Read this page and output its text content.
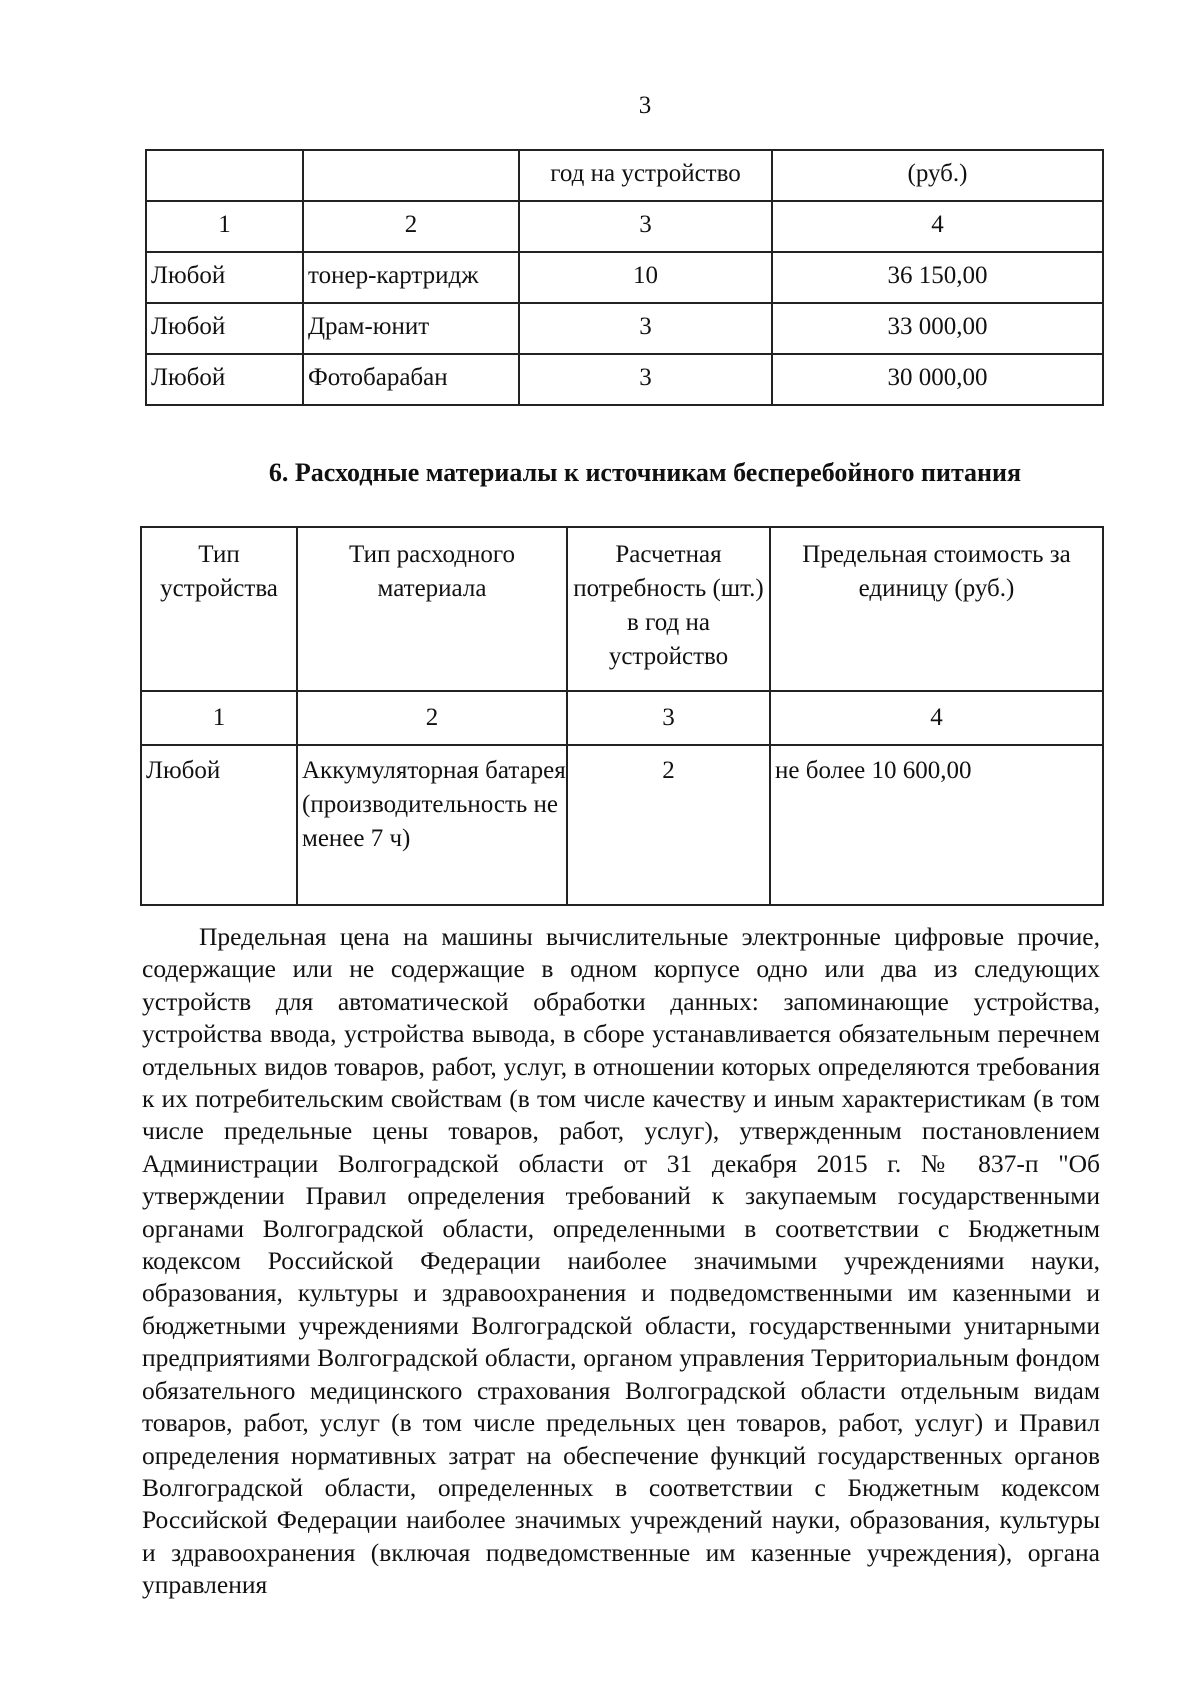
3
		год на устройство	(руб.)
1	2	3	4
Любой	тонер-картридж	10	36 150,00
Любой	Драм-юнит	3	33 000,00
Любой	Фотобарабан	3	30 000,00
6. Расходные материалы к источникам бесперебойного питания
Тип устройства	Тип расходного материала	Расчетная потребность (шт.) в год на устройство	Предельная стоимость за единицу (руб.)
1	2	3	4
Любой	Аккумуляторная батарея (производительность не менее 7 ч)	2	не более 10 600,00

Предельная цена на машины вычислительные электронные цифровые прочие, содержащие или не содержащие в одном корпусе одно или два из следующих устройств для автоматической обработки данных: запоминающие устройства, устройства ввода, устройства вывода, в сборе устанавливается обязательным перечнем отдельных видов товаров, работ, услуг, в отношении которых определяются требования к их потребительским свойствам (в том числе качеству и иным характеристикам (в том числе предельные цены товаров, работ, услуг), утвержденным постановлением Администрации Волгоградской области от 31 декабря 2015 г. № 837-п "Об утверждении Правил определения требований к закупаемым государственными органами Волгоградской области, определенными в соответствии с Бюджетным кодексом Российской Федерации наиболее значимыми учреждениями науки, образования, культуры и здравоохранения и подведомственными им казенными и бюджетными учреждениями Волгоградской области, государственными унитарными предприятиями Волгоградской области, органом управления Территориальным фондом обязательного медицинского страхования Волгоградской области отдельным видам товаров, работ, услуг (в том числе предельных цен товаров, работ, услуг) и Правил определения нормативных затрат на обеспечение функций государственных органов Волгоградской области, определенных в соответствии с Бюджетным кодексом Российской Федерации наиболее значимых учреждений науки, образования, культуры и здравоохранения (включая подведомственные им казенные учреждения), органа управления
